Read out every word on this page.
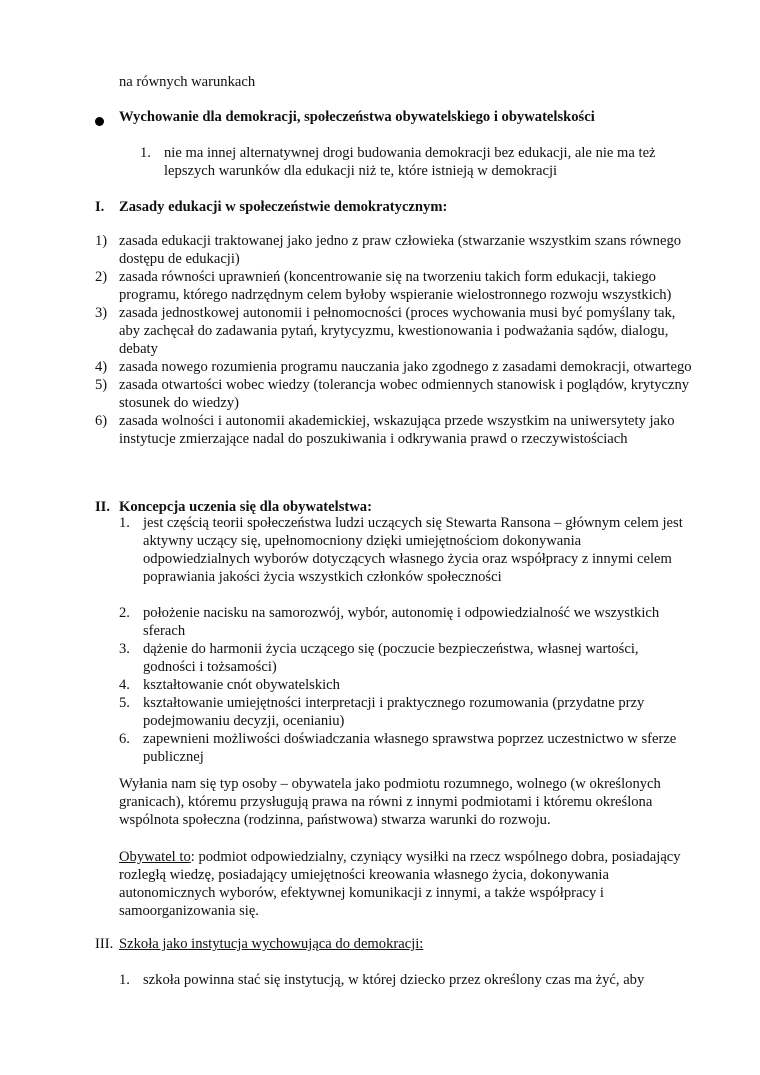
na równych warunkach
Wychowanie dla demokracji, społeczeństwa obywatelskiego i obywatelskości
1. nie ma innej alternatywnej drogi budowania demokracji bez edukacji, ale nie ma też lepszych warunków dla edukacji niż te, które istnieją w demokracji
I.	Zasady edukacji w społeczeństwie demokratycznym:
1) zasada edukacji traktowanej jako jedno z praw człowieka (stwarzanie wszystkim szans równego dostępu de edukacji)
2) zasada równości uprawnień (koncentrowanie się na tworzeniu takich form edukacji, takiego programu, którego nadrzędnym celem byłoby wspieranie wielostronnego rozwoju wszystkich)
3) zasada jednostkowej autonomii i pełnomocności (proces wychowania musi być pomyślany tak, aby zachęcał do zadawania pytań, krytycyzmu, kwestionowania i podważania sądów, dialogu, debaty
4) zasada nowego rozumienia programu nauczania jako zgodnego z zasadami demokracji, otwartego
5) zasada otwartości wobec wiedzy (tolerancja wobec odmiennych stanowisk i poglądów, krytyczny stosunek do wiedzy)
6) zasada wolności i autonomii akademickiej, wskazująca przede wszystkim na uniwersytety jako instytucje zmierzające nadal do poszukiwania i odkrywania prawd o rzeczywistościach
II. Koncepcja uczenia się dla obywatelstwa:
1. jest częścią teorii społeczeństwa ludzi uczących się Stewarta Ransona – głównym celem jest aktywny uczący się, upełnomocniony dzięki umiejętnościom dokonywania odpowiedzialnych wyborów dotyczących własnego życia oraz współpracy z innymi celem poprawiania jakości życia wszystkich członków społeczności
2. położenie nacisku na samorozwój, wybór, autonomię i odpowiedzialność we wszystkich sferach
3. dążenie do harmonii życia uczącego się (poczucie bezpieczeństwa, własnej wartości, godności i tożsamości)
4. kształtowanie cnót obywatelskich
5. kształtowanie umiejętności interpretacji i praktycznego rozumowania (przydatne przy podejmowaniu decyzji, ocenianiu)
6. zapewnieni możliwości doświadczania własnego sprawstwa poprzez uczestnictwo w sferze publicznej
Wyłania nam się typ osoby – obywatela jako podmiotu rozumnego, wolnego (w określonych granicach), któremu przysługują prawa na równi z innymi podmiotami i któremu określona wspólnota społeczna (rodzinna, państwowa) stwarza warunki do rozwoju.
Obywatel to: podmiot odpowiedzialny, czyniący wysiłki na rzecz wspólnego dobra, posiadający rozległą wiedzę, posiadający umiejętności kreowania własnego życia, dokonywania autonomicznych wyborów, efektywnej komunikacji z innymi, a także współpracy i samoorganizowania się.
III. Szkoła jako instytucja wychowująca do demokracji:
1. szkoła powinna stać się instytucją, w której dziecko przez określony czas ma żyć, aby
